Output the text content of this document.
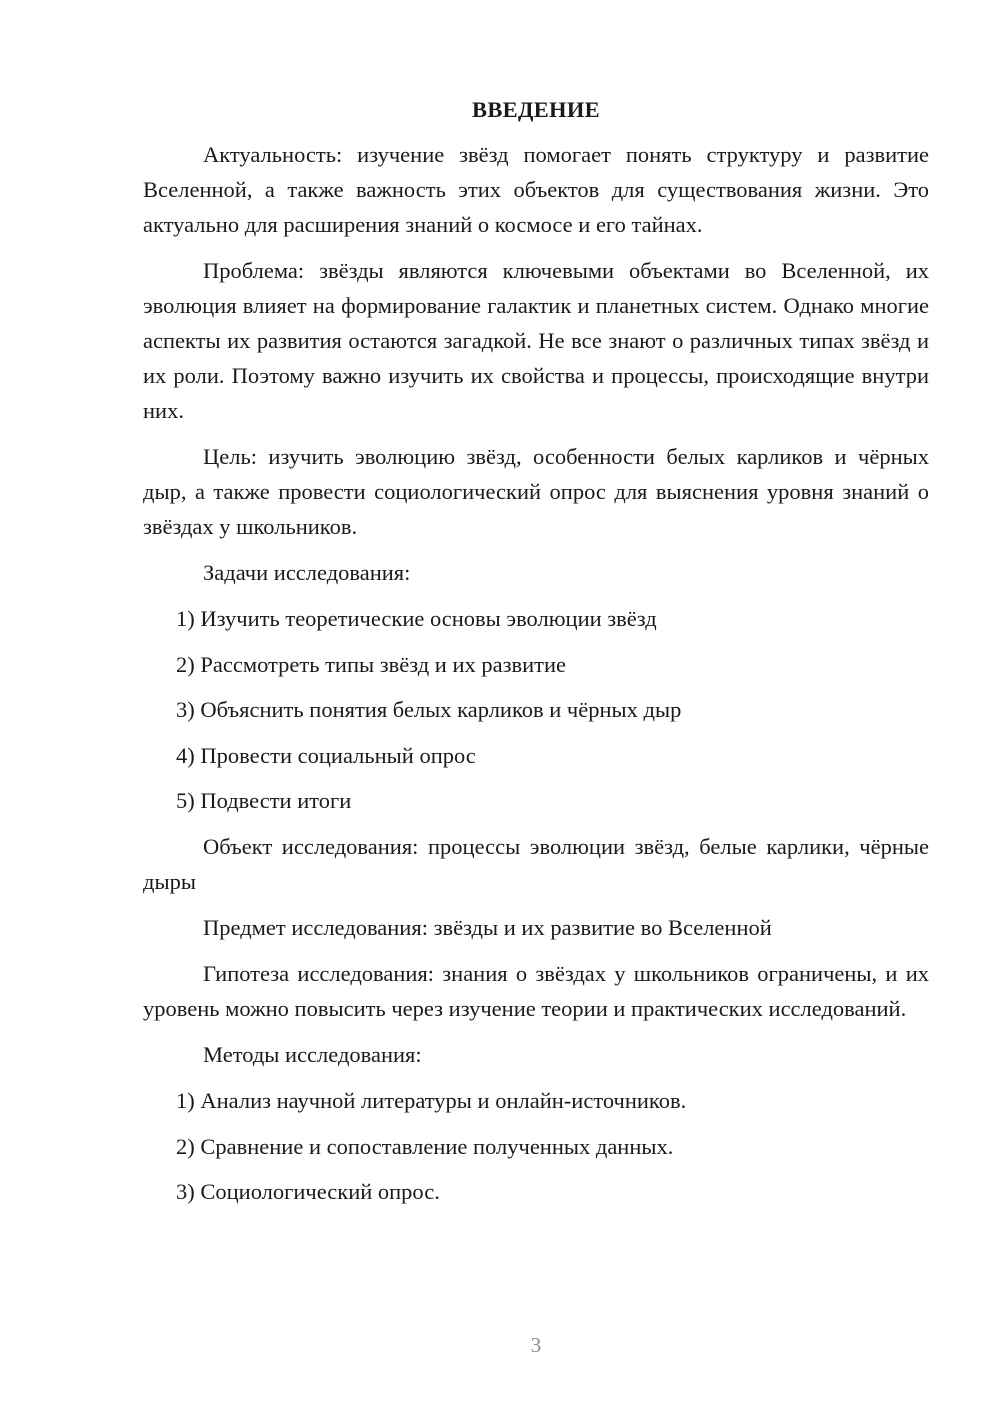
ВВЕДЕНИЕ

Актуальность: изучение звёзд помогает понять структуру и развитие Вселенной, а также важность этих объектов для существования жизни. Это актуально для расширения знаний о космосе и его тайнах.

Проблема: звёзды являются ключевыми объектами во Вселенной, их эволюция влияет на формирование галактик и планетных систем. Однако многие аспекты их развития остаются загадкой. Не все знают о различных типах звёзд и их роли. Поэтому важно изучить их свойства и процессы, происходящие внутри них.

Цель: изучить эволюцию звёзд, особенности белых карликов и чёрных дыр, а также провести социологический опрос для выяснения уровня знаний о звёздах у школьников.

Задачи исследования:

1) Изучить теоретические основы эволюции звёзд
2) Рассмотреть типы звёзд и их развитие
3) Объяснить понятия белых карликов и чёрных дыр
4) Провести социальный опрос
5) Подвести итоги

Объект исследования: процессы эволюции звёзд, белые карлики, чёрные дыры

Предмет исследования: звёзды и их развитие во Вселенной

Гипотеза исследования: знания о звёздах у школьников ограничены, и их уровень можно повысить через изучение теории и практических исследований.

Методы исследования:

1) Анализ научной литературы и онлайн-источников.
2) Сравнение и сопоставление полученных данных.
3) Социологический опрос.
3
